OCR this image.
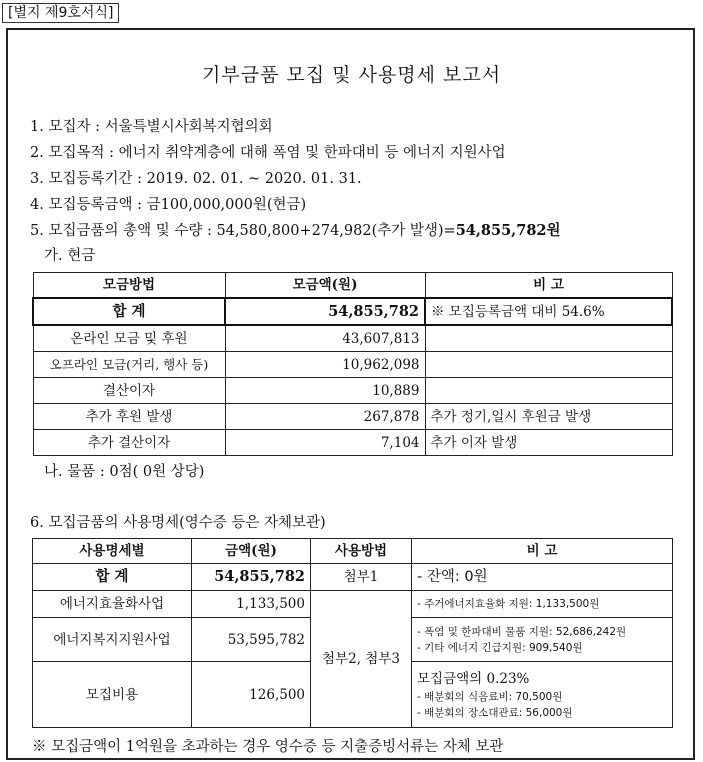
[별지 제9호서식]
기부금품 모집 및 사용명세 보고서
1. 모집자 : 서울특별시사회복지협의회
2. 모집목적 : 에너지 취약계층에 대해 폭염 및 한파대비 등 에너지 지원사업
3. 모집등록기간 : 2019. 02. 01. ~ 2020. 01. 31.
4. 모집등록금액 : 금100,000,000원(현금)
5. 모집금품의 총액 및 수량 : 54,580,800+274,982(추가 발생)=54,855,782원
가. 현금
모금방법	모금액(원)	비 고
합 계	54,855,782	※ 모집등록금액 대비 54.6%
온라인 모금 및 후원	43,607,813	
오프라인 모금(거리, 행사 등)	10,962,098	
결산이자	10,889	
추가 후원 발생	267,878	추가 정기,일시 후원금 발생
추가 결산이자	7,104	추가 이자 발생
나. 물품 : 0점( 0원 상당)
6. 모집금품의 사용명세(영수증 등은 자체보관)
사용명세별	금액(원)	사용방법	비 고
합 계	54,855,782	첨부1	- 잔액: 0원
에너지효율화사업	1,133,500	첨부2, 첨부3	- 주거에너지효율화 지원: 1,133,500원
에너지복지지원사업	53,595,782		- 폭염 및 한파대비 물품 지원: 52,686,242원
- 기타 에너지 긴급지원: 909,540원

모집비용	126,500		모집금액의 0.23%
- 배분회의 식음료비: 70,500원
- 배분회의 장소대관료: 56,000원
※ 모집금액이 1억원을 초과하는 경우 영수증 등 지출증빙서류는 자체 보관
